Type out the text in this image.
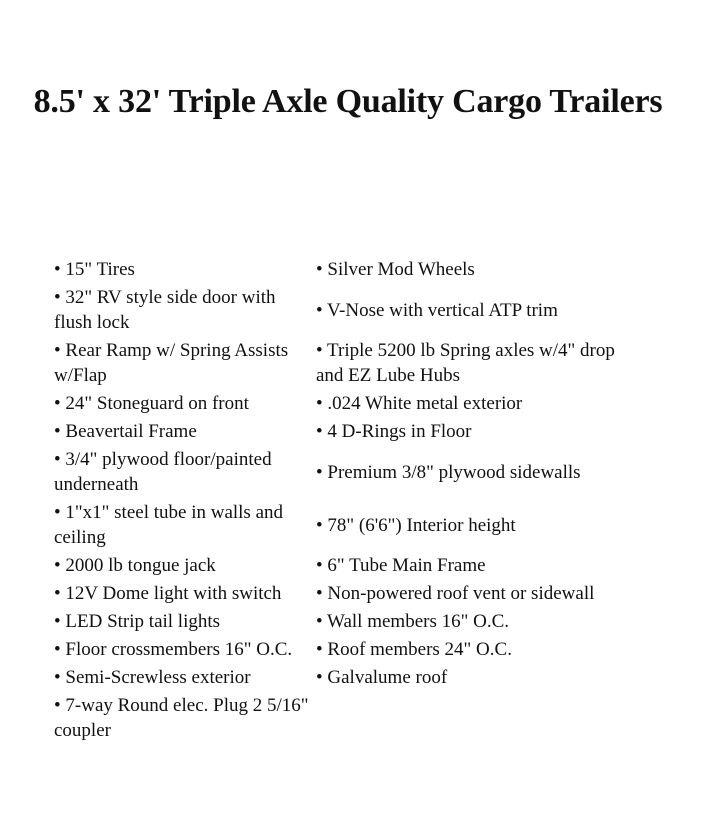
8.5' x 32' Triple Axle Quality Cargo Trailers
• 15" Tires	• Silver Mod Wheels
• 32" RV style side door with flush lock	• V-Nose with vertical ATP trim
• Rear Ramp w/ Spring Assists w/Flap	• Triple 5200 lb Spring axles w/4" drop and EZ Lube Hubs
• 24" Stoneguard on front	• .024 White metal exterior
• Beavertail Frame	• 4 D-Rings in Floor
• 3/4" plywood floor/painted underneath	• Premium 3/8" plywood sidewalls
• 1"x1" steel tube in walls and ceiling	• 78" (6'6") Interior height
• 2000 lb tongue jack	• 6" Tube Main Frame
• 12V Dome light with switch	• Non-powered roof vent or sidewall
• LED Strip tail lights	• Wall members 16" O.C.
• Floor crossmembers 16" O.C.	• Roof members 24" O.C.
• Semi-Screwless exterior	• Galvalume roof
• 7-way Round elec. Plug 2 5/16" coupler	
